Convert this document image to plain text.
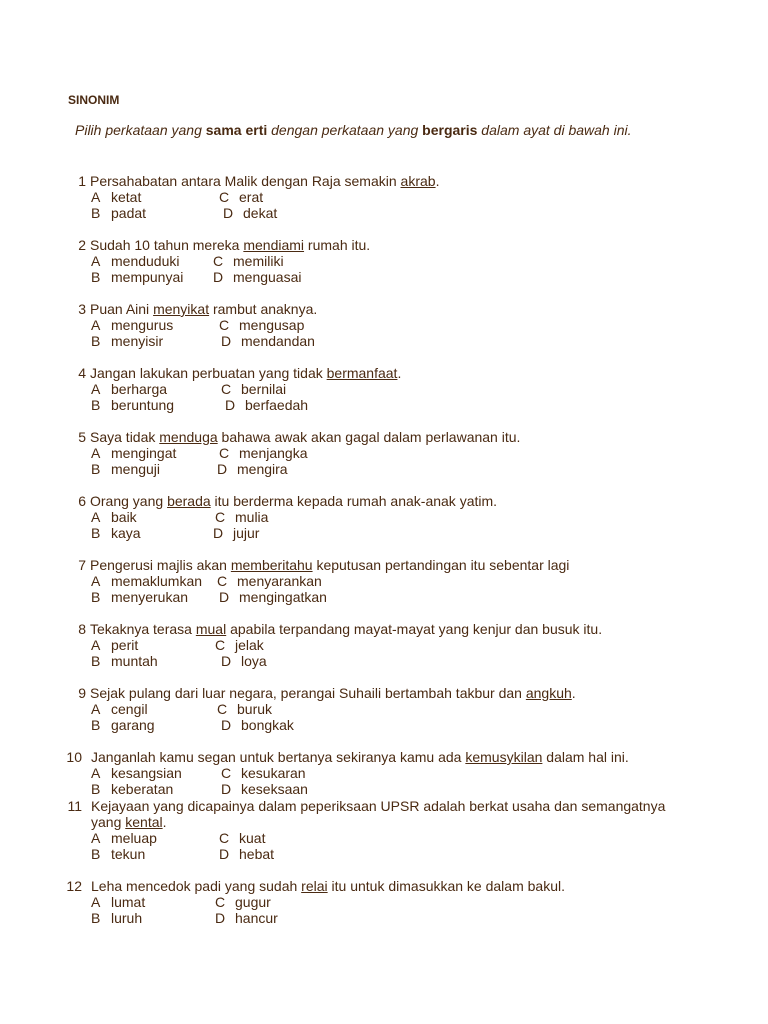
SINONIM
Pilih perkataan yang sama erti dengan perkataan yang bergaris dalam ayat di bawah ini.
1 Persahabatan antara Malik dengan Raja semakin akrab.
A ketat	C erat
B padat	D dekat
2 Sudah 10 tahun mereka mendiami rumah itu.
A menduduki C memiliki
B mempunyai D menguasai
3 Puan Aini menyikat rambut anaknya.
A mengurus	C mengusap
B menyisir	D mendandan
4 Jangan lakukan perbuatan yang tidak bermanfaat.
A berharga	C bernilai
B beruntung	D berfaedah
5 Saya tidak menduga bahawa awak akan gagal dalam perlawanan itu.
A mengingat	C menjangka
B menguji	D mengira
6 Orang yang berada itu berderma kepada rumah anak-anak yatim.
A baik	C mulia
B kaya	D jujur
7 Pengerusi majlis akan memberitahu keputusan pertandingan itu sebentar lagi
A memaklumkan C menyarankan
B menyerukan D mengingatkan
8 Tekaknya terasa mual apabila terpandang mayat-mayat yang kenjur dan busuk itu.
A perit	C jelak
B muntah	D loya
9 Sejak pulang dari luar negara, perangai Suhaili bertambah takbur dan angkuh.
A cengil	C buruk
B garang	D bongkak
10 Janganlah kamu segan untuk bertanya sekiranya kamu ada kemusykilan dalam hal ini.
A kesangsian	C kesukaran
B keberatan	D keseksaan
11 Kejayaan yang dicapainya dalam peperiksaan UPSR adalah berkat usaha dan semangatnya
yang kental.
A meluap	C kuat
B tekun	D hebat
12 Leha mencedok padi yang sudah relai itu untuk dimasukkan ke dalam bakul.
A lumat	C gugur
B luruh	D hancur
